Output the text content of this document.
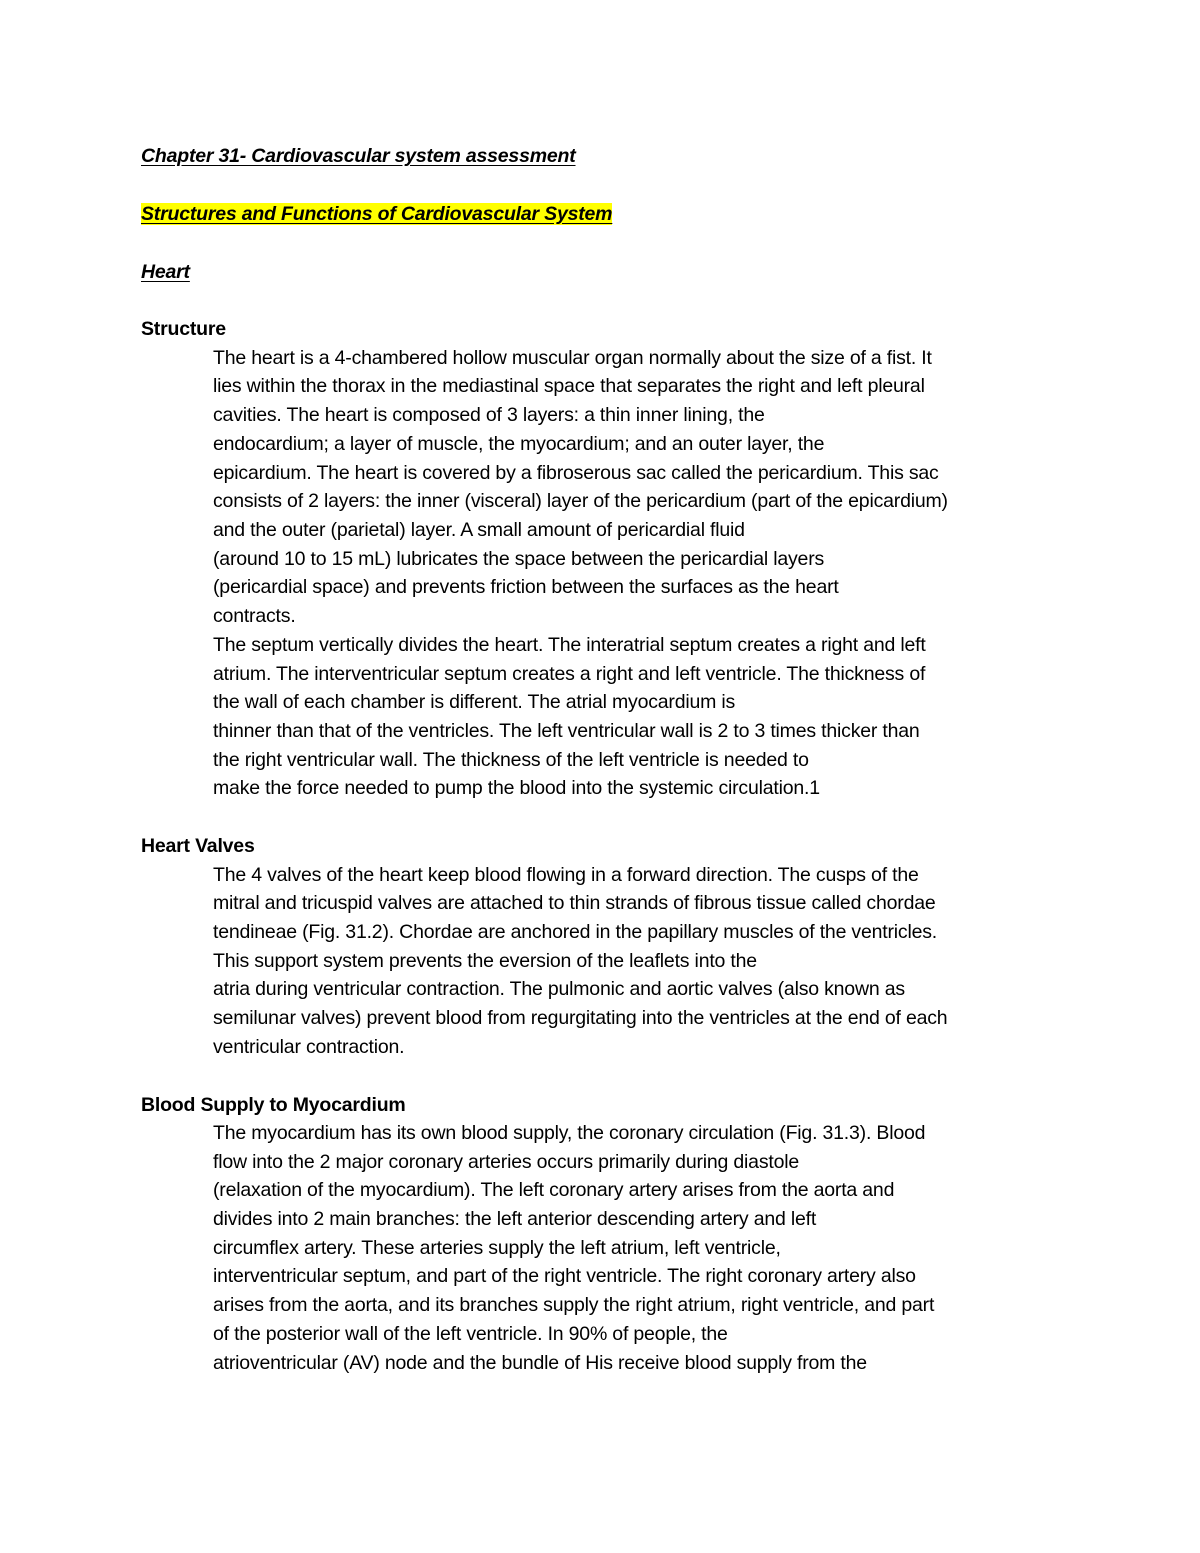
Chapter 31- Cardiovascular system assessment
Structures and Functions of Cardiovascular System
Heart
Structure
The heart is a 4-chambered hollow muscular organ normally about the size of a fist. It
lies within the thorax in the mediastinal space that separates the right and left pleural
cavities. The heart is composed of 3 layers: a thin inner lining, the
endocardium; a layer of muscle, the myocardium; and an outer layer, the
epicardium. The heart is covered by a fibroserous sac called the pericardium. This sac
consists of 2 layers: the inner (visceral) layer of the pericardium (part of the epicardium)
and the outer (parietal) layer. A small amount of pericardial fluid
(around 10 to 15 mL) lubricates the space between the pericardial layers
(pericardial space) and prevents friction between the surfaces as the heart
contracts.
The septum vertically divides the heart. The interatrial septum creates a right and left
atrium. The interventricular septum creates a right and left ventricle. The thickness of
the wall of each chamber is different. The atrial myocardium is
thinner than that of the ventricles. The left ventricular wall is 2 to 3 times thicker than
the right ventricular wall. The thickness of the left ventricle is needed to
make the force needed to pump the blood into the systemic circulation.1
Heart Valves
The 4 valves of the heart keep blood flowing in a forward direction. The cusps of the
mitral and tricuspid valves are attached to thin strands of fibrous tissue called chordae
tendineae (Fig. 31.2). Chordae are anchored in the papillary muscles of the ventricles.
This support system prevents the eversion of the leaflets into the
atria during ventricular contraction. The pulmonic and aortic valves (also known as
semilunar valves) prevent blood from regurgitating into the ventricles at the end of each
ventricular contraction.
Blood Supply to Myocardium
The myocardium has its own blood supply, the coronary circulation (Fig. 31.3). Blood
flow into the 2 major coronary arteries occurs primarily during diastole
(relaxation of the myocardium). The left coronary artery arises from the aorta and
divides into 2 main branches: the left anterior descending artery and left
circumflex artery. These arteries supply the left atrium, left ventricle,
interventricular septum, and part of the right ventricle. The right coronary artery also
arises from the aorta, and its branches supply the right atrium, right ventricle, and part
of the posterior wall of the left ventricle. In 90% of people, the
atrioventricular (AV) node and the bundle of His receive blood supply from the
